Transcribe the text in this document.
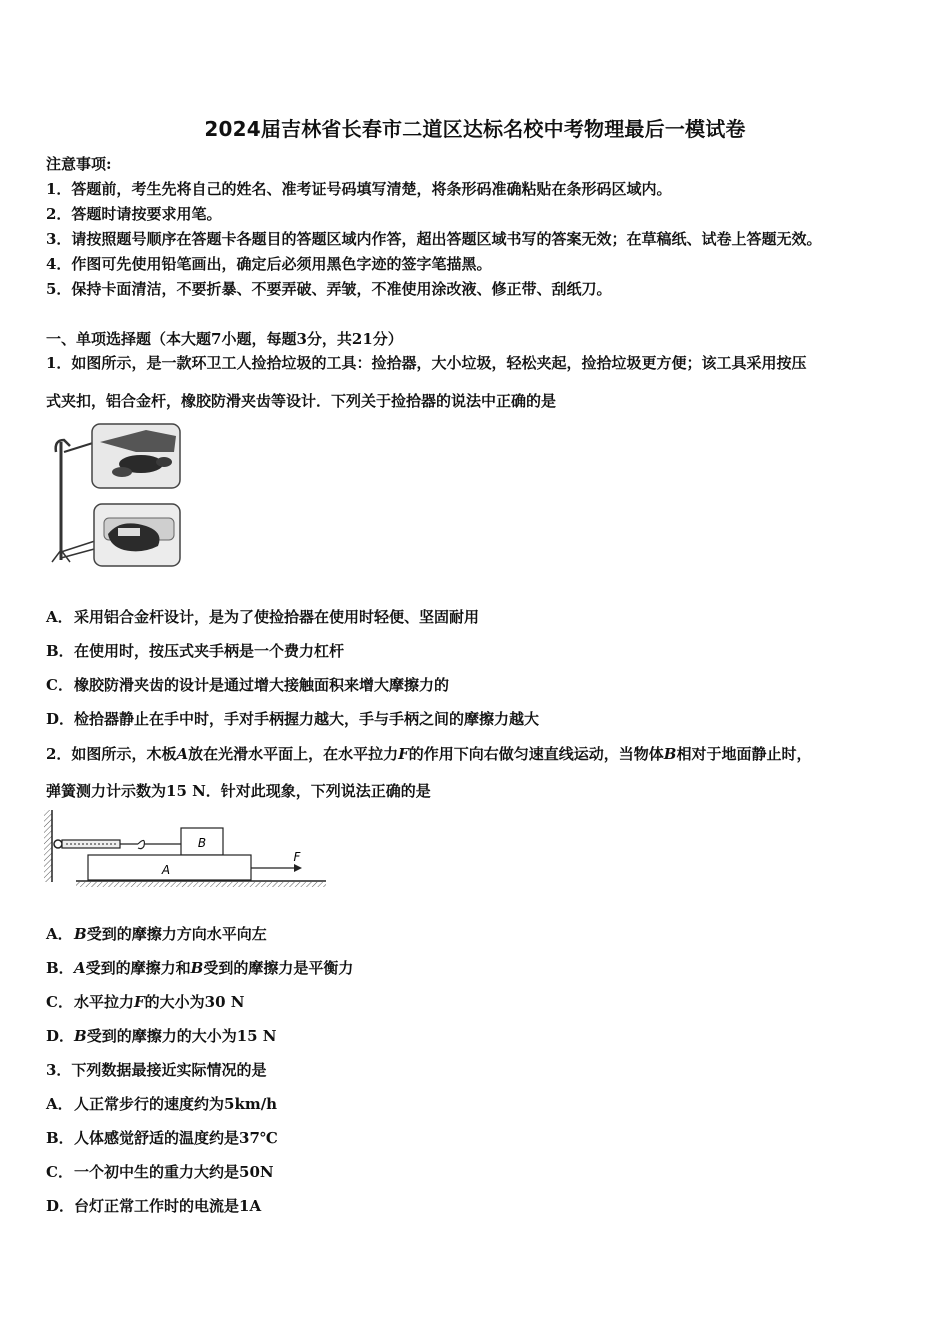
2024届吉林省长春市二道区达标名校中考物理最后一模试卷
注意事项:
1．答题前，考生先将自己的姓名、准考证号码填写清楚，将条形码准确粘贴在条形码区域内。
2．答题时请按要求用笔。
3．请按照题号顺序在答题卡各题目的答题区域内作答，超出答题区域书写的答案无效；在草稿纸、试卷上答题无效。
4．作图可先使用铅笔画出，确定后必须用黑色字迹的签字笔描黑。
5．保持卡面清洁，不要折暴、不要弄破、弄皱，不准使用涂改液、修正带、刮纸刀。
一、单项选择题（本大题7小题，每题3分，共21分）
1．如图所示，是一款环卫工人捡拾垃圾的工具：捡拾器，大小垃圾，轻松夹起，捡拾垃圾更方便；该工具采用按压
式夹扣，铝合金杆，橡胶防滑夹齿等设计．下列关于捡拾器的说法中正确的是
A．采用铝合金杆设计，是为了使捡拾器在使用时轻便、坚固耐用
B．在使用时，按压式夹手柄是一个费力杠杆
C．橡胶防滑夹齿的设计是通过增大接触面积来增大摩擦力的
D．检拾器静止在手中时，手对手柄握力越大，手与手柄之间的摩擦力越大
2．如图所示，木板A放在光滑水平面上，在水平拉力F的作用下向右做匀速直线运动，当物体B相对于地面静止时，
弹簧测力计示数为15 N．针对此现象，下列说法正确的是
B
A
F
A．B受到的摩擦力方向水平向左
B．A受到的摩擦力和B受到的摩擦力是平衡力
C．水平拉力F的大小为30 N
D．B受到的摩擦力的大小为15 N
3．下列数据最接近实际情况的是
A．人正常步行的速度约为5km/h
B．人体感觉舒适的温度约是37℃
C．一个初中生的重力大约是50N
D．台灯正常工作时的电流是1A
